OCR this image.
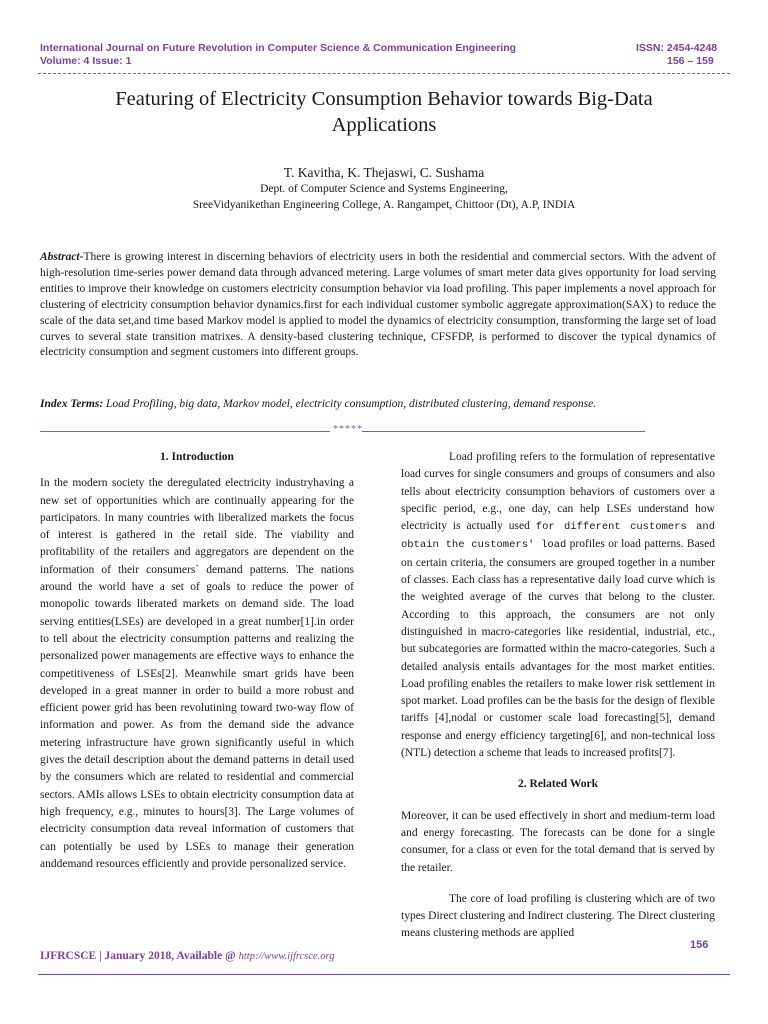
International Journal on Future Revolution in Computer Science & Communication Engineering
Volume: 4 Issue: 1
ISSN: 2454-4248
156 – 159
Featuring of Electricity Consumption Behavior towards Big-Data
Applications
T. Kavitha, K. Thejaswi, C. Sushama
Dept. of Computer Science and Systems Engineering,
SreeVidyanikethan Engineering College, A. Rangampet, Chittoor (Dt), A.P, INDIA
Abstract-There is growing interest in discerning behaviors of electricity users in both the residential and commercial sectors. With the advent of high-resolution time-series power demand data through advanced metering. Large volumes of smart meter data gives opportunity for load serving entities to improve their knowledge on customers electricity consumption behavior via load profiling. This paper implements a novel approach for clustering of electricity consumption behavior dynamics.first for each individual customer symbolic aggregate approximation(SAX) to reduce the scale of the data set,and time based Markov model is applied to model the dynamics of electricity consumption, transforming the large set of load curves to several state transition matrixes. A density-based clustering technique, CFSFDP, is performed to discover the typical dynamics of electricity consumption and segment customers into different groups.
Index Terms: Load Profiling, big data, Markov model, electricity consumption, distributed clustering, demand response.
*****

1. Introduction

In the modern society the deregulated electricity industryhaving a new set of opportunities which are continually appearing for the participators. In many countries with liberalized markets the focus of interest is gathered in the retail side. The viability and profitability of the retailers and aggregators are dependent on the information of their consumers` demand patterns. The nations around the world have a set of goals to reduce the power of monopolic towards liberated markets on demand side. The load serving entities(LSEs) are developed in a great number[1].in order to tell about the electricity consumption patterns and realizing the personalized power managements are effective ways to enhance the competitiveness of LSEs[2]. Meanwhile smart grids have been developed in a great manner in order to build a more robust and efficient power grid has been revolutining toward two-way flow of information and power. As from the demand side the advance metering infrastructure have grown significantly useful in which gives the detail description about the demand patterns in detail used by the consumers which are related to residential and commercial sectors. AMIs allows LSEs to obtain electricity consumption data at high frequency, e.g., minutes to hours[3]. The Large volumes of electricity consumption data reveal information of customers that can potentially be used by LSEs to manage their generation anddemand resources efficiently and provide personalized service.

Load profiling refers to the formulation of representative load curves for single consumers and groups of consumers and also tells about electricity consumption behaviors of customers over a specific period, e.g., one day, can help LSEs understand how electricity is actually used for different customers and obtain the customers' load profiles or load patterns. Based on certain criteria, the consumers are grouped together in a number of classes. Each class has a representative daily load curve which is the weighted average of the curves that belong to the cluster. According to this approach, the consumers are not only distinguished in macro-categories like residential, industrial, etc., but subcategories are formatted within the macro-categories. Such a detailed analysis entails advantages for the most market entities. Load profiling enables the retailers to make lower risk settlement in spot market. Load profiles can be the basis for the design of flexible tariffs [4],nodal or customer scale load forecasting[5], demand response and energy efficiency targeting[6], and non-technical loss (NTL) detection a scheme that leads to increased profits[7].

2. Related Work

Moreover, it can be used effectively in short and medium-term load and energy forecasting. The forecasts can be done for a single consumer, for a class or even for the total demand that is served by the retailer.

The core of load profiling is clustering which are of two types Direct clustering and Indirect clustering. The Direct clustering means clustering methods are applied

156
IJFRCSCE | January 2018, Available @ http://www.ijfrcsce.org
